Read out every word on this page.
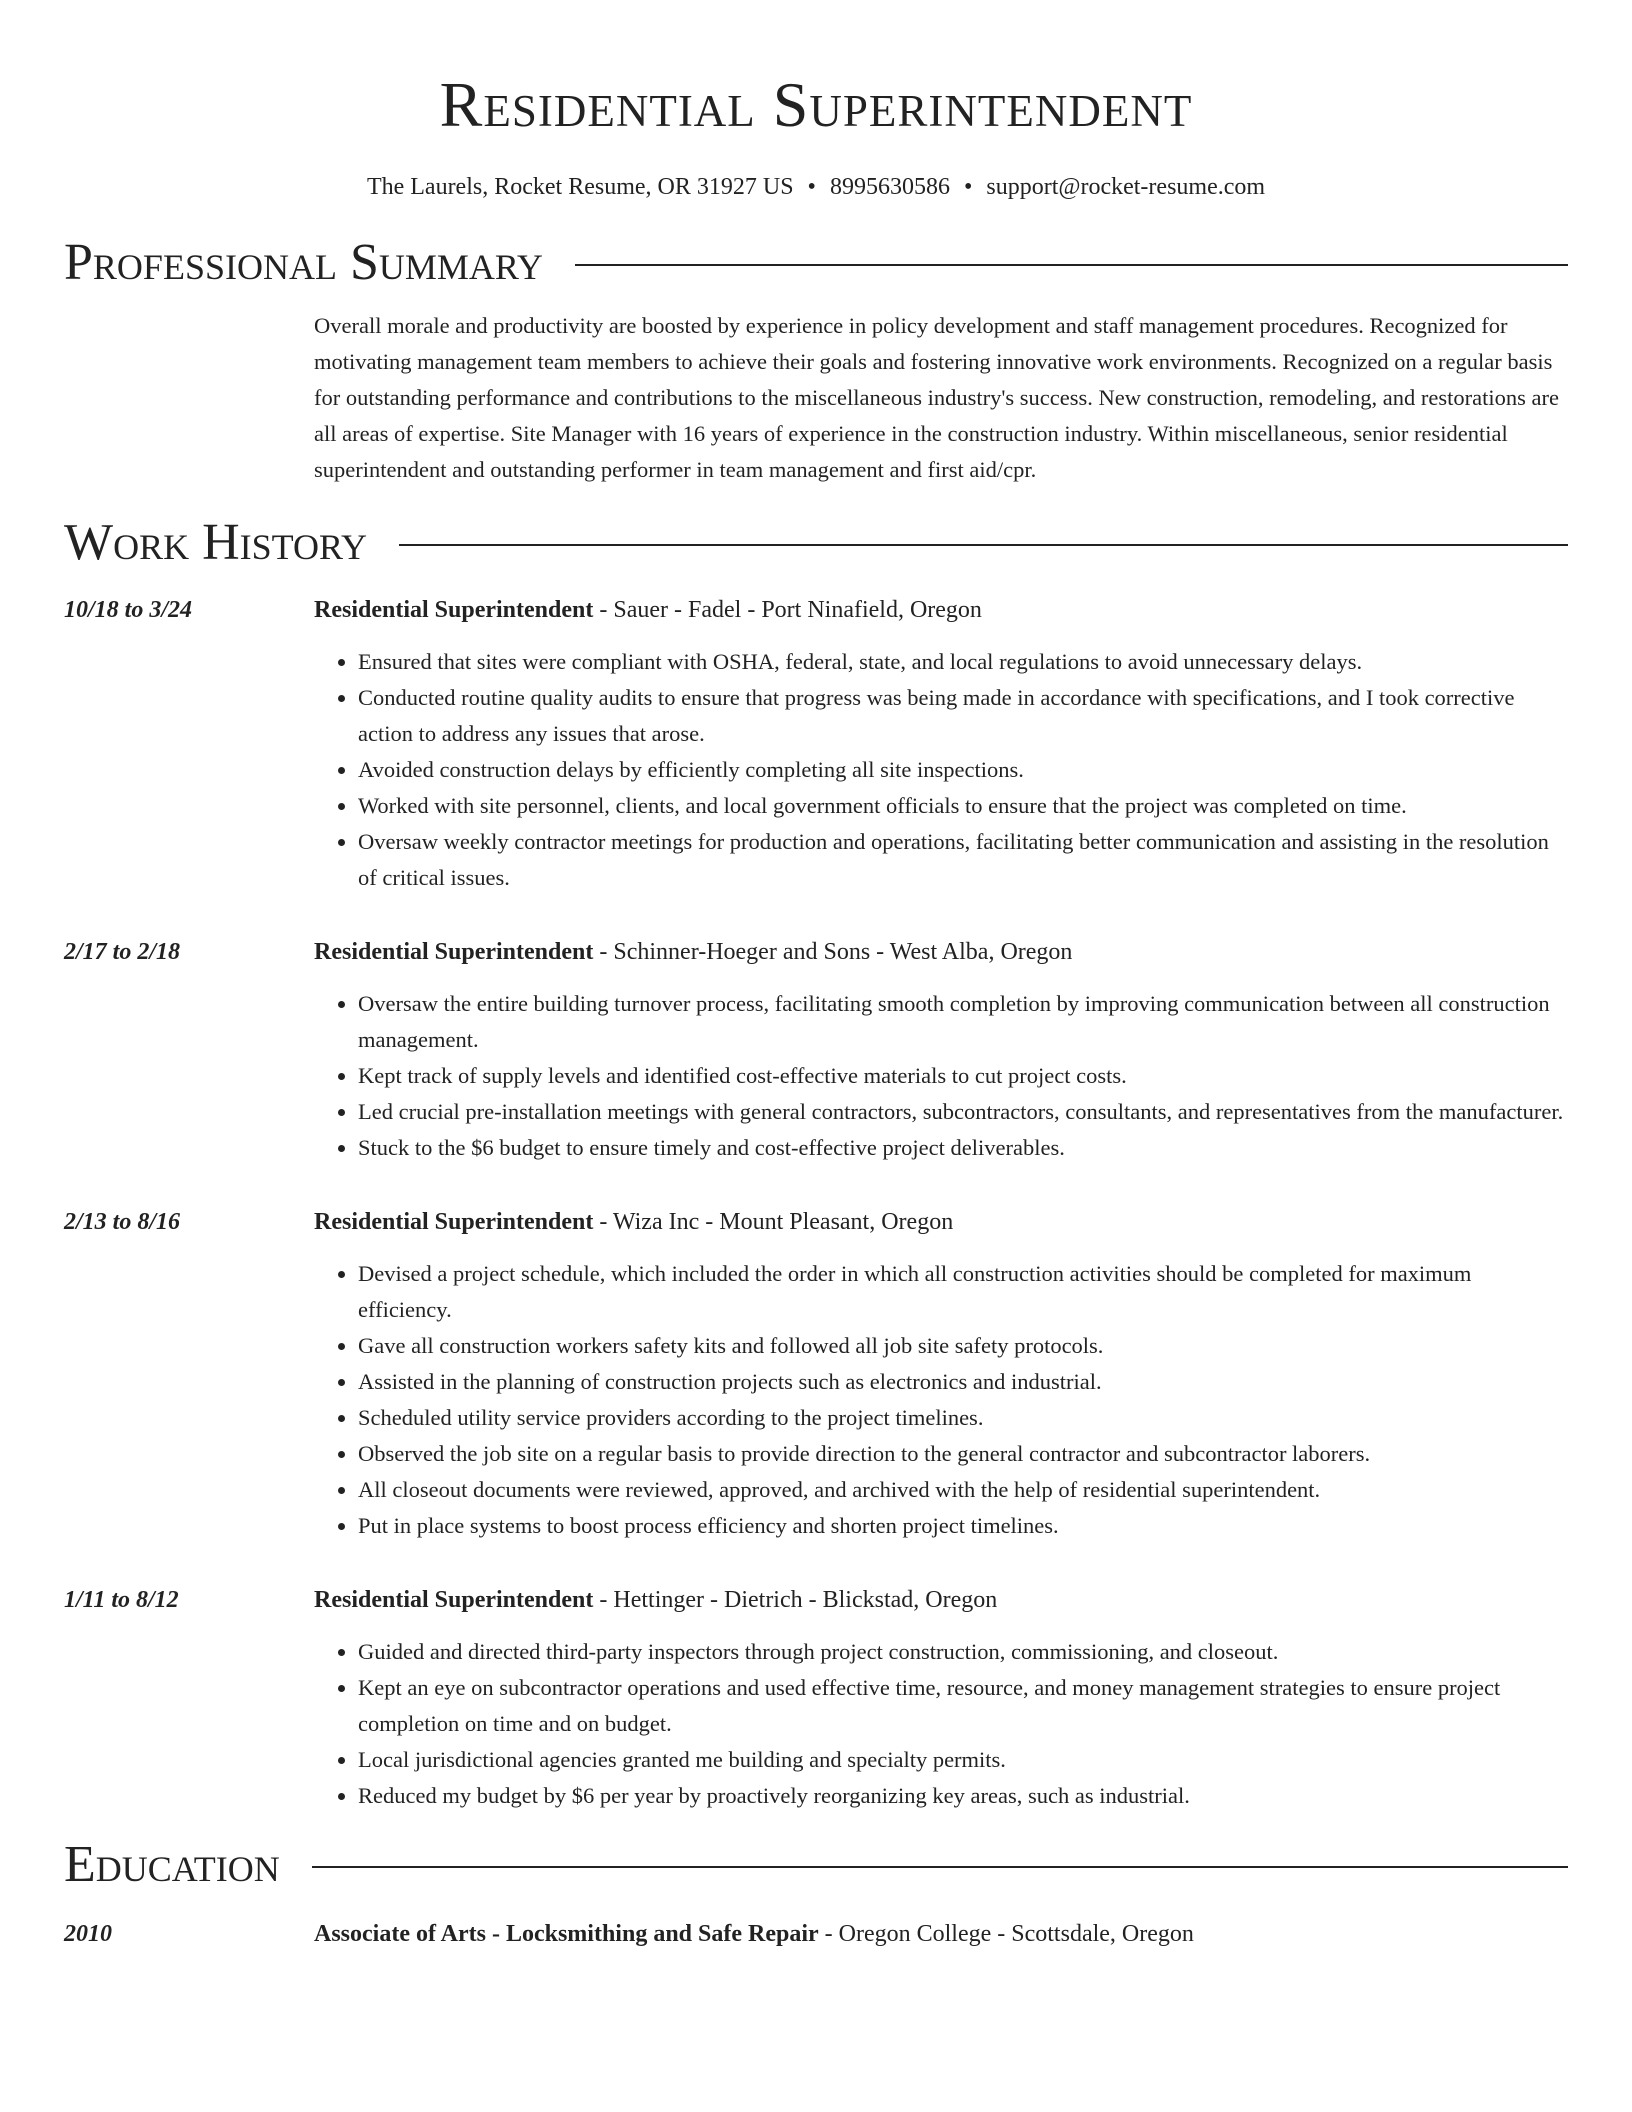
Residential Superintendent
The Laurels, Rocket Resume, OR 31927 US • 8995630586 • support@rocket-resume.com
Professional Summary
Overall morale and productivity are boosted by experience in policy development and staff management procedures. Recognized for motivating management team members to achieve their goals and fostering innovative work environments. Recognized on a regular basis for outstanding performance and contributions to the miscellaneous industry's success. New construction, remodeling, and restorations are all areas of expertise. Site Manager with 16 years of experience in the construction industry. Within miscellaneous, senior residential superintendent and outstanding performer in team management and first aid/cpr.
Work History
10/18 to 3/24	Residential Superintendent - Sauer - Fadel - Port Ninafield, Oregon
• Ensured that sites were compliant with OSHA, federal, state, and local regulations to avoid unnecessary delays.
• Conducted routine quality audits to ensure that progress was being made in accordance with specifications, and I took corrective action to address any issues that arose.
• Avoided construction delays by efficiently completing all site inspections.
• Worked with site personnel, clients, and local government officials to ensure that the project was completed on time.
• Oversaw weekly contractor meetings for production and operations, facilitating better communication and assisting in the resolution of critical issues.
2/17 to 2/18	Residential Superintendent - Schinner-Hoeger and Sons - West Alba, Oregon
• Oversaw the entire building turnover process, facilitating smooth completion by improving communication between all construction management.
• Kept track of supply levels and identified cost-effective materials to cut project costs.
• Led crucial pre-installation meetings with general contractors, subcontractors, consultants, and representatives from the manufacturer.
• Stuck to the $6 budget to ensure timely and cost-effective project deliverables.
2/13 to 8/16	Residential Superintendent - Wiza Inc - Mount Pleasant, Oregon
• Devised a project schedule, which included the order in which all construction activities should be completed for maximum efficiency.
• Gave all construction workers safety kits and followed all job site safety protocols.
• Assisted in the planning of construction projects such as electronics and industrial.
• Scheduled utility service providers according to the project timelines.
• Observed the job site on a regular basis to provide direction to the general contractor and subcontractor laborers.
• All closeout documents were reviewed, approved, and archived with the help of residential superintendent.
• Put in place systems to boost process efficiency and shorten project timelines.
1/11 to 8/12	Residential Superintendent - Hettinger - Dietrich - Blickstad, Oregon
• Guided and directed third-party inspectors through project construction, commissioning, and closeout.
• Kept an eye on subcontractor operations and used effective time, resource, and money management strategies to ensure project completion on time and on budget.
• Local jurisdictional agencies granted me building and specialty permits.
• Reduced my budget by $6 per year by proactively reorganizing key areas, such as industrial.
Education
2010	Associate of Arts - Locksmithing and Safe Repair - Oregon College - Scottsdale, Oregon
